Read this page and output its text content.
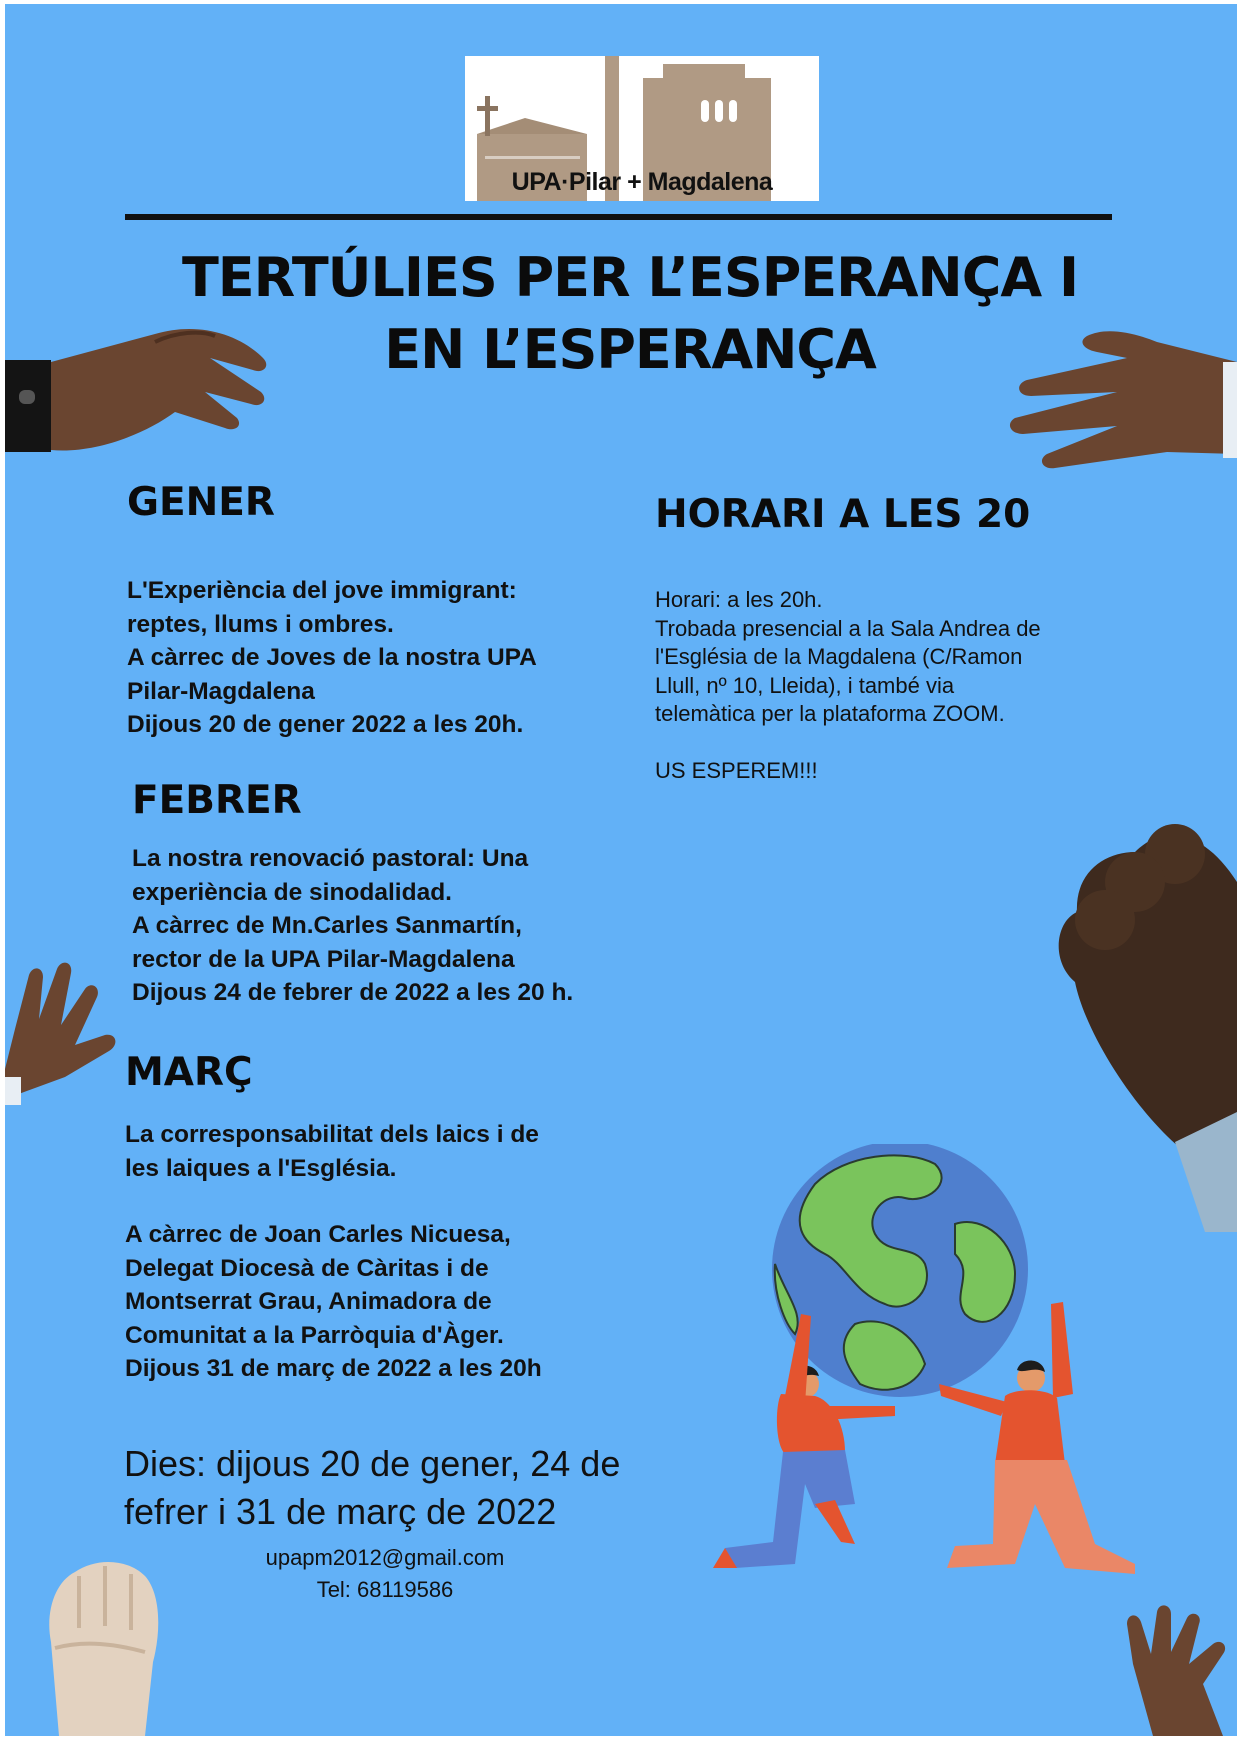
UPA·Pilar + Magdalena
TERTÚLIES PER L’ESPERANÇA I
EN L’ESPERANÇA
GENER
L'Experiència del jove immigrant:
reptes, llums i ombres.
A càrrec de Joves de la nostra UPA
Pilar-Magdalena
Dijous 20 de gener 2022 a les 20h.
FEBRER
La nostra renovació pastoral: Una
experiència de sinodalidad.
A càrrec de Mn.Carles Sanmartín,
rector de la UPA Pilar-Magdalena
Dijous 24 de febrer de 2022 a les 20 h.
MARÇ
La corresponsabilitat dels laics i de
les laiques a l'Església.
A càrrec de Joan Carles Nicuesa,
Delegat Diocesà de Càritas i de
Montserrat Grau, Animadora de
Comunitat a la Parròquia d'Àger.
Dijous 31 de març de 2022 a les 20h
HORARI A LES 20
Horari: a les 20h.
Trobada presencial a la Sala Andrea de
l'Església de la Magdalena (C/Ramon
Llull, nº 10, Lleida), i també via
telemàtica per la plataforma ZOOM.
US ESPEREM!!!
Dies: dijous 20 de gener, 24 de
fefrer i 31 de març de 2022
upapm2012@gmail.com
Tel: 68119586
